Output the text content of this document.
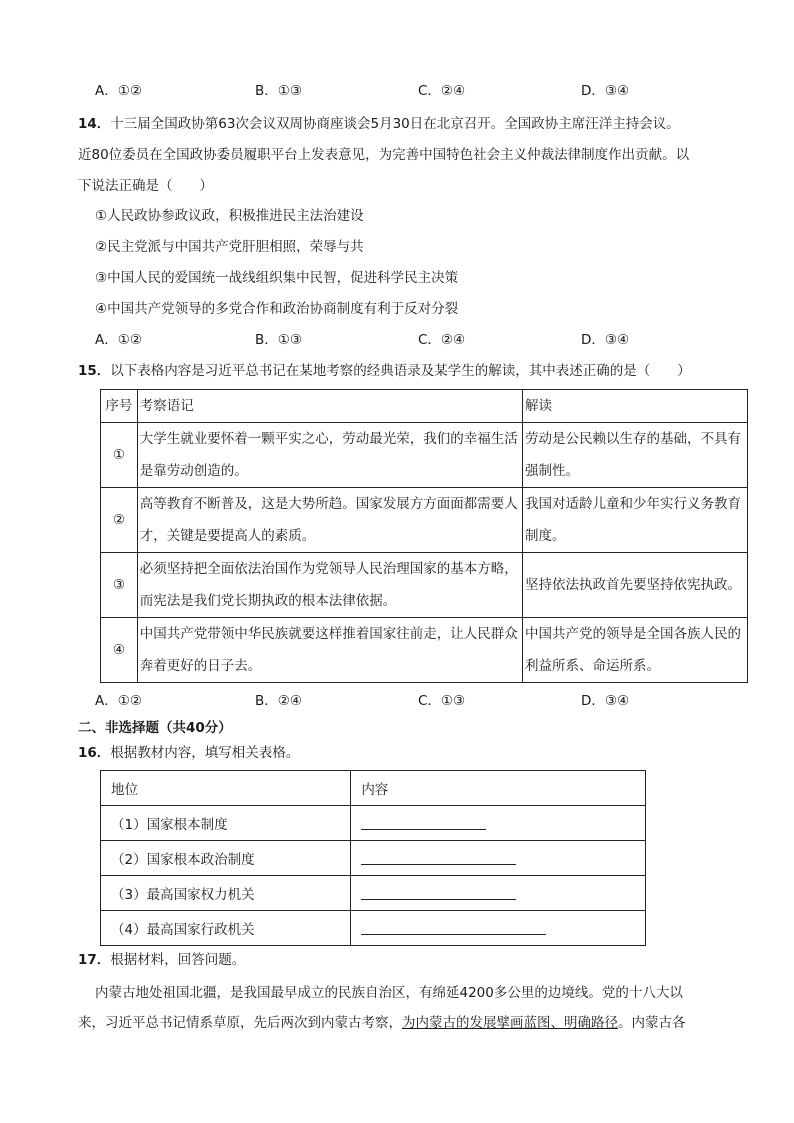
A．①②	B．①③	C．②④	D．③④
14．十三届全国政协第63次会议双周协商座谈会5月30日在北京召开。全国政协主席汪洋主持会议。
近80位委员在全国政协委员履职平台上发表意见，为完善中国特色社会主义仲裁法律制度作出贡献。以
下说法正确是（　　）
①人民政协参政议政，积极推进民主法治建设
②民主党派与中国共产党肝胆相照，荣辱与共
③中国人民的爱国统一战线组织集中民智，促进科学民主决策
④中国共产党领导的多党合作和政治协商制度有利于反对分裂
A．①②	B．①③	C．②④	D．③④
15．以下表格内容是习近平总书记在某地考察的经典语录及某学生的解读，其中表述正确的是（　　）
序号	考察语记	解读
①	大学生就业要怀着一颗平实之心，劳动最光荣，我们的幸福生活是靠劳动创造的。	劳动是公民赖以生存的基础，不具有强制性。
②	高等教育不断普及，这是大势所趋。国家发展方方面面都需要人才，关键是要提高人的素质。	我国对适龄儿童和少年实行义务教育制度。
③	必须坚持把全面依法治国作为党领导人民治理国家的基本方略，而宪法是我们党长期执政的根本法律依据。	坚持依法执政首先要坚持依宪执政。
④	中国共产党带领中华民族就要这样推着国家往前走，让人民群众奔着更好的日子去。	中国共产党的领导是全国各族人民的利益所系、命运所系。
A．①②	B．②④	C．①③	D．③④
二、非选择题（共40分）
16．根据教材内容，填写相关表格。
地位	内容
（1）国家根本制度	
（2）国家根本政治制度	
（3）最高国家权力机关	
（4）最高国家行政机关	
17．根据材料，回答问题。
内蒙古地处祖国北疆，是我国最早成立的民族自治区，有绵延4200多公里的边境线。党的十八大以
来，习近平总书记情系草原，先后两次到内蒙古考察，为内蒙古的发展擘画蓝图、明确路径。内蒙古各
